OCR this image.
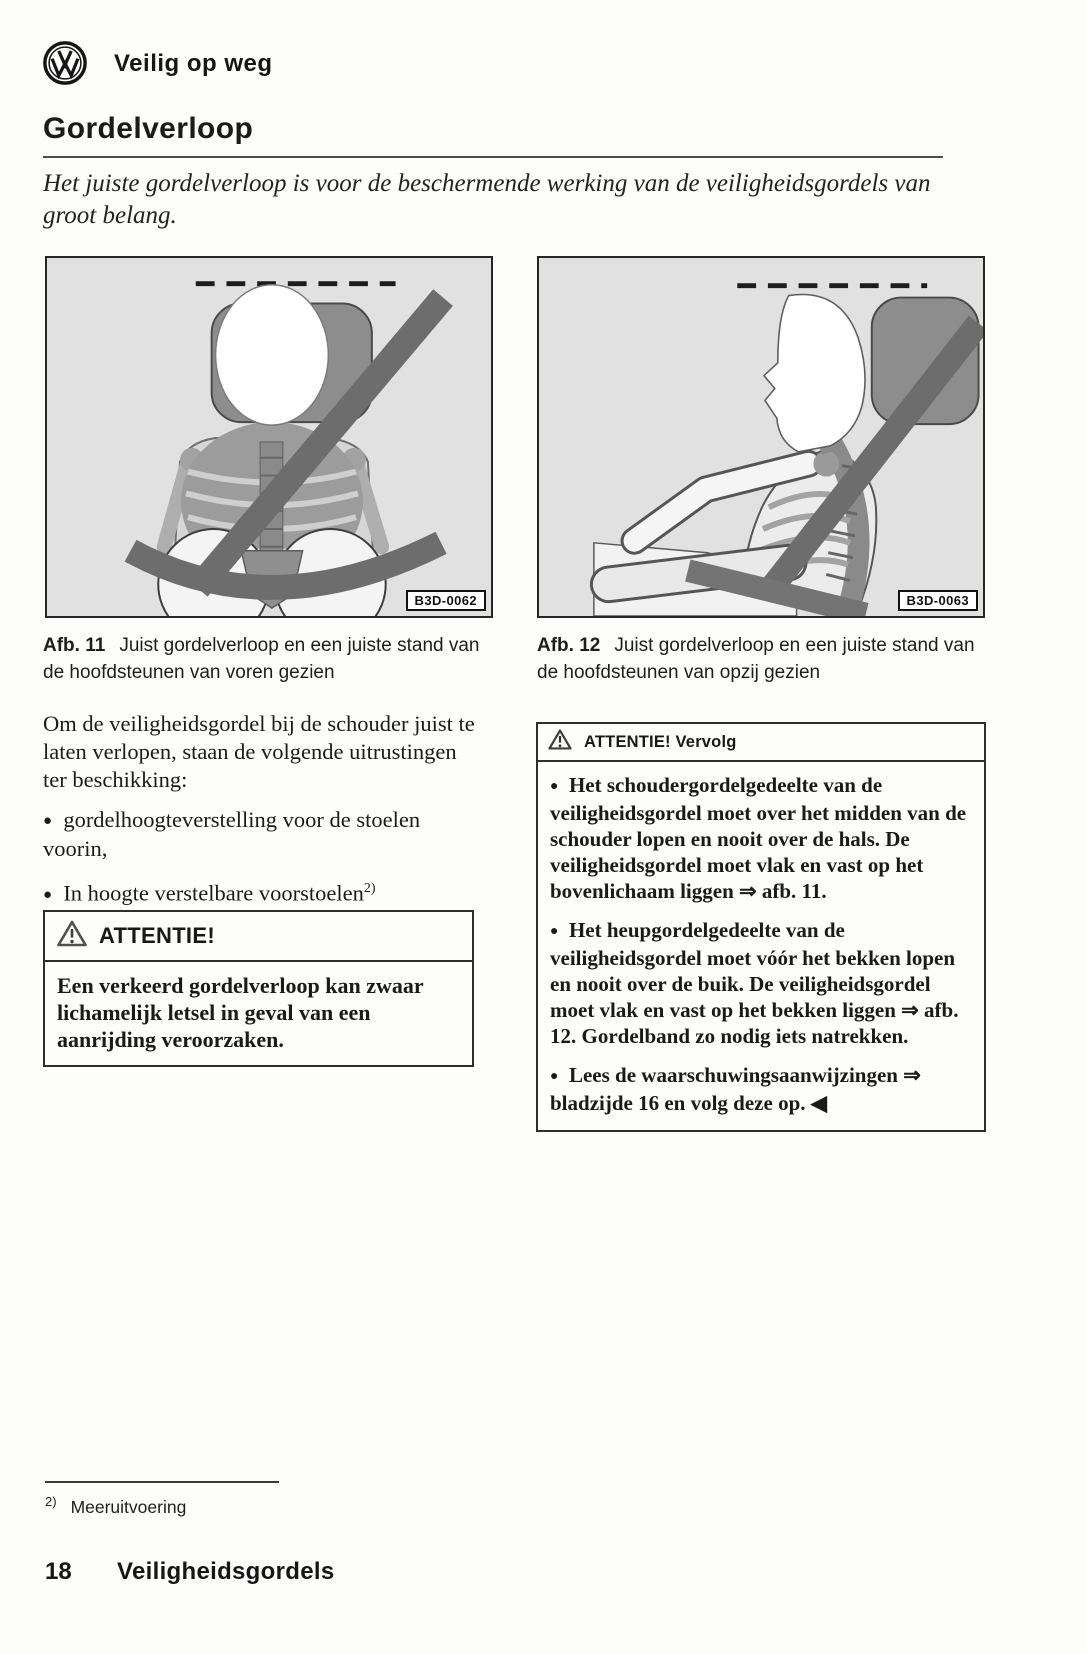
Veilig op weg
Gordelverloop
Het juiste gordelverloop is voor de beschermende werking van de veiligheidsgordels van groot belang.
B3D-0062	B3D-0063
Afb. 11 Juist gordelverloop en een juiste stand van de hoofdsteunen van voren gezien
Afb. 12 Juist gordelverloop en een juiste stand van de hoofdsteunen van opzij gezien
Om de veiligheidsgordel bij de schouder juist te laten verlopen, staan de volgende uitrustingen ter beschikking:
●   gordelhoogteverstelling voor de stoelen voorin,
●   In hoogte verstelbare voorstoelen$^{2)}$
ATTENTIE!
Een verkeerd gordelverloop kan zwaar lichamelijk letsel in geval van een aanrijding veroorzaken.
ATTENTIE! Vervolg
●   Het schoudergordelgedeelte van de veiligheidsgordel moet over het midden van de schouder lopen en nooit over de hals. De veiligheidsgordel moet vlak en vast op het bovenlichaam liggen ⇒ afb. 11.
●   Het heupgordelgedeelte van de veiligheidsgordel moet vóór het bekken lopen en nooit over de buik. De veiligheidsgordel moet vlak en vast op het bekken liggen ⇒ afb. 12. Gordelband zo nodig iets natrekken.
●   Lees de waarschuwingsaanwijzingen ⇒ bladzijde 16 en volg deze op. ◀
$^{2)}$ Meeruitvoering
18 Veiligheidsgordels
